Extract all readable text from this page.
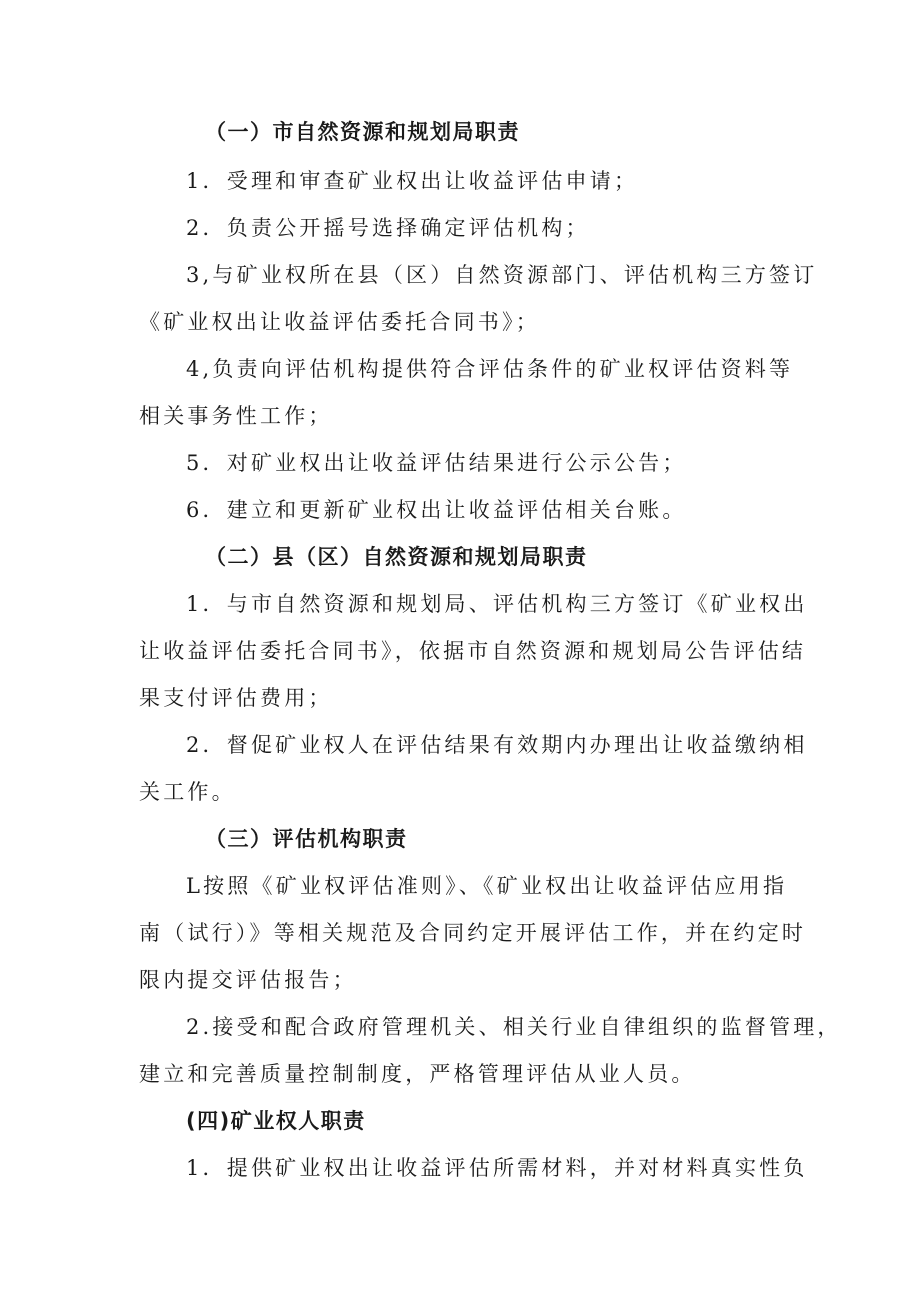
（一）市自然资源和规划局职责
1．受理和审查矿业权出让收益评估申请；
2．负责公开摇号选择确定评估机构；
3,与矿业权所在县（区）自然资源部门、评估机构三方签订
《矿业权出让收益评估委托合同书》；
4,负责向评估机构提供符合评估条件的矿业权评估资料等
相关事务性工作；
5．对矿业权出让收益评估结果进行公示公告；
6．建立和更新矿业权出让收益评估相关台账。
（二）县（区）自然资源和规划局职责
1．与市自然资源和规划局、评估机构三方签订《矿业权出
让收益评估委托合同书》，依据市自然资源和规划局公告评估结
果支付评估费用；
2．督促矿业权人在评估结果有效期内办理出让收益缴纳相
关工作。
（三）评估机构职责
L按照《矿业权评估准则》、《矿业权出让收益评估应用指
南（试行）》等相关规范及合同约定开展评估工作，并在约定时
限内提交评估报告；
2.接受和配合政府管理机关、相关行业自律组织的监督管理，
建立和完善质量控制制度，严格管理评估从业人员。
(四)矿业权人职责
1．提供矿业权出让收益评估所需材料，并对材料真实性负
